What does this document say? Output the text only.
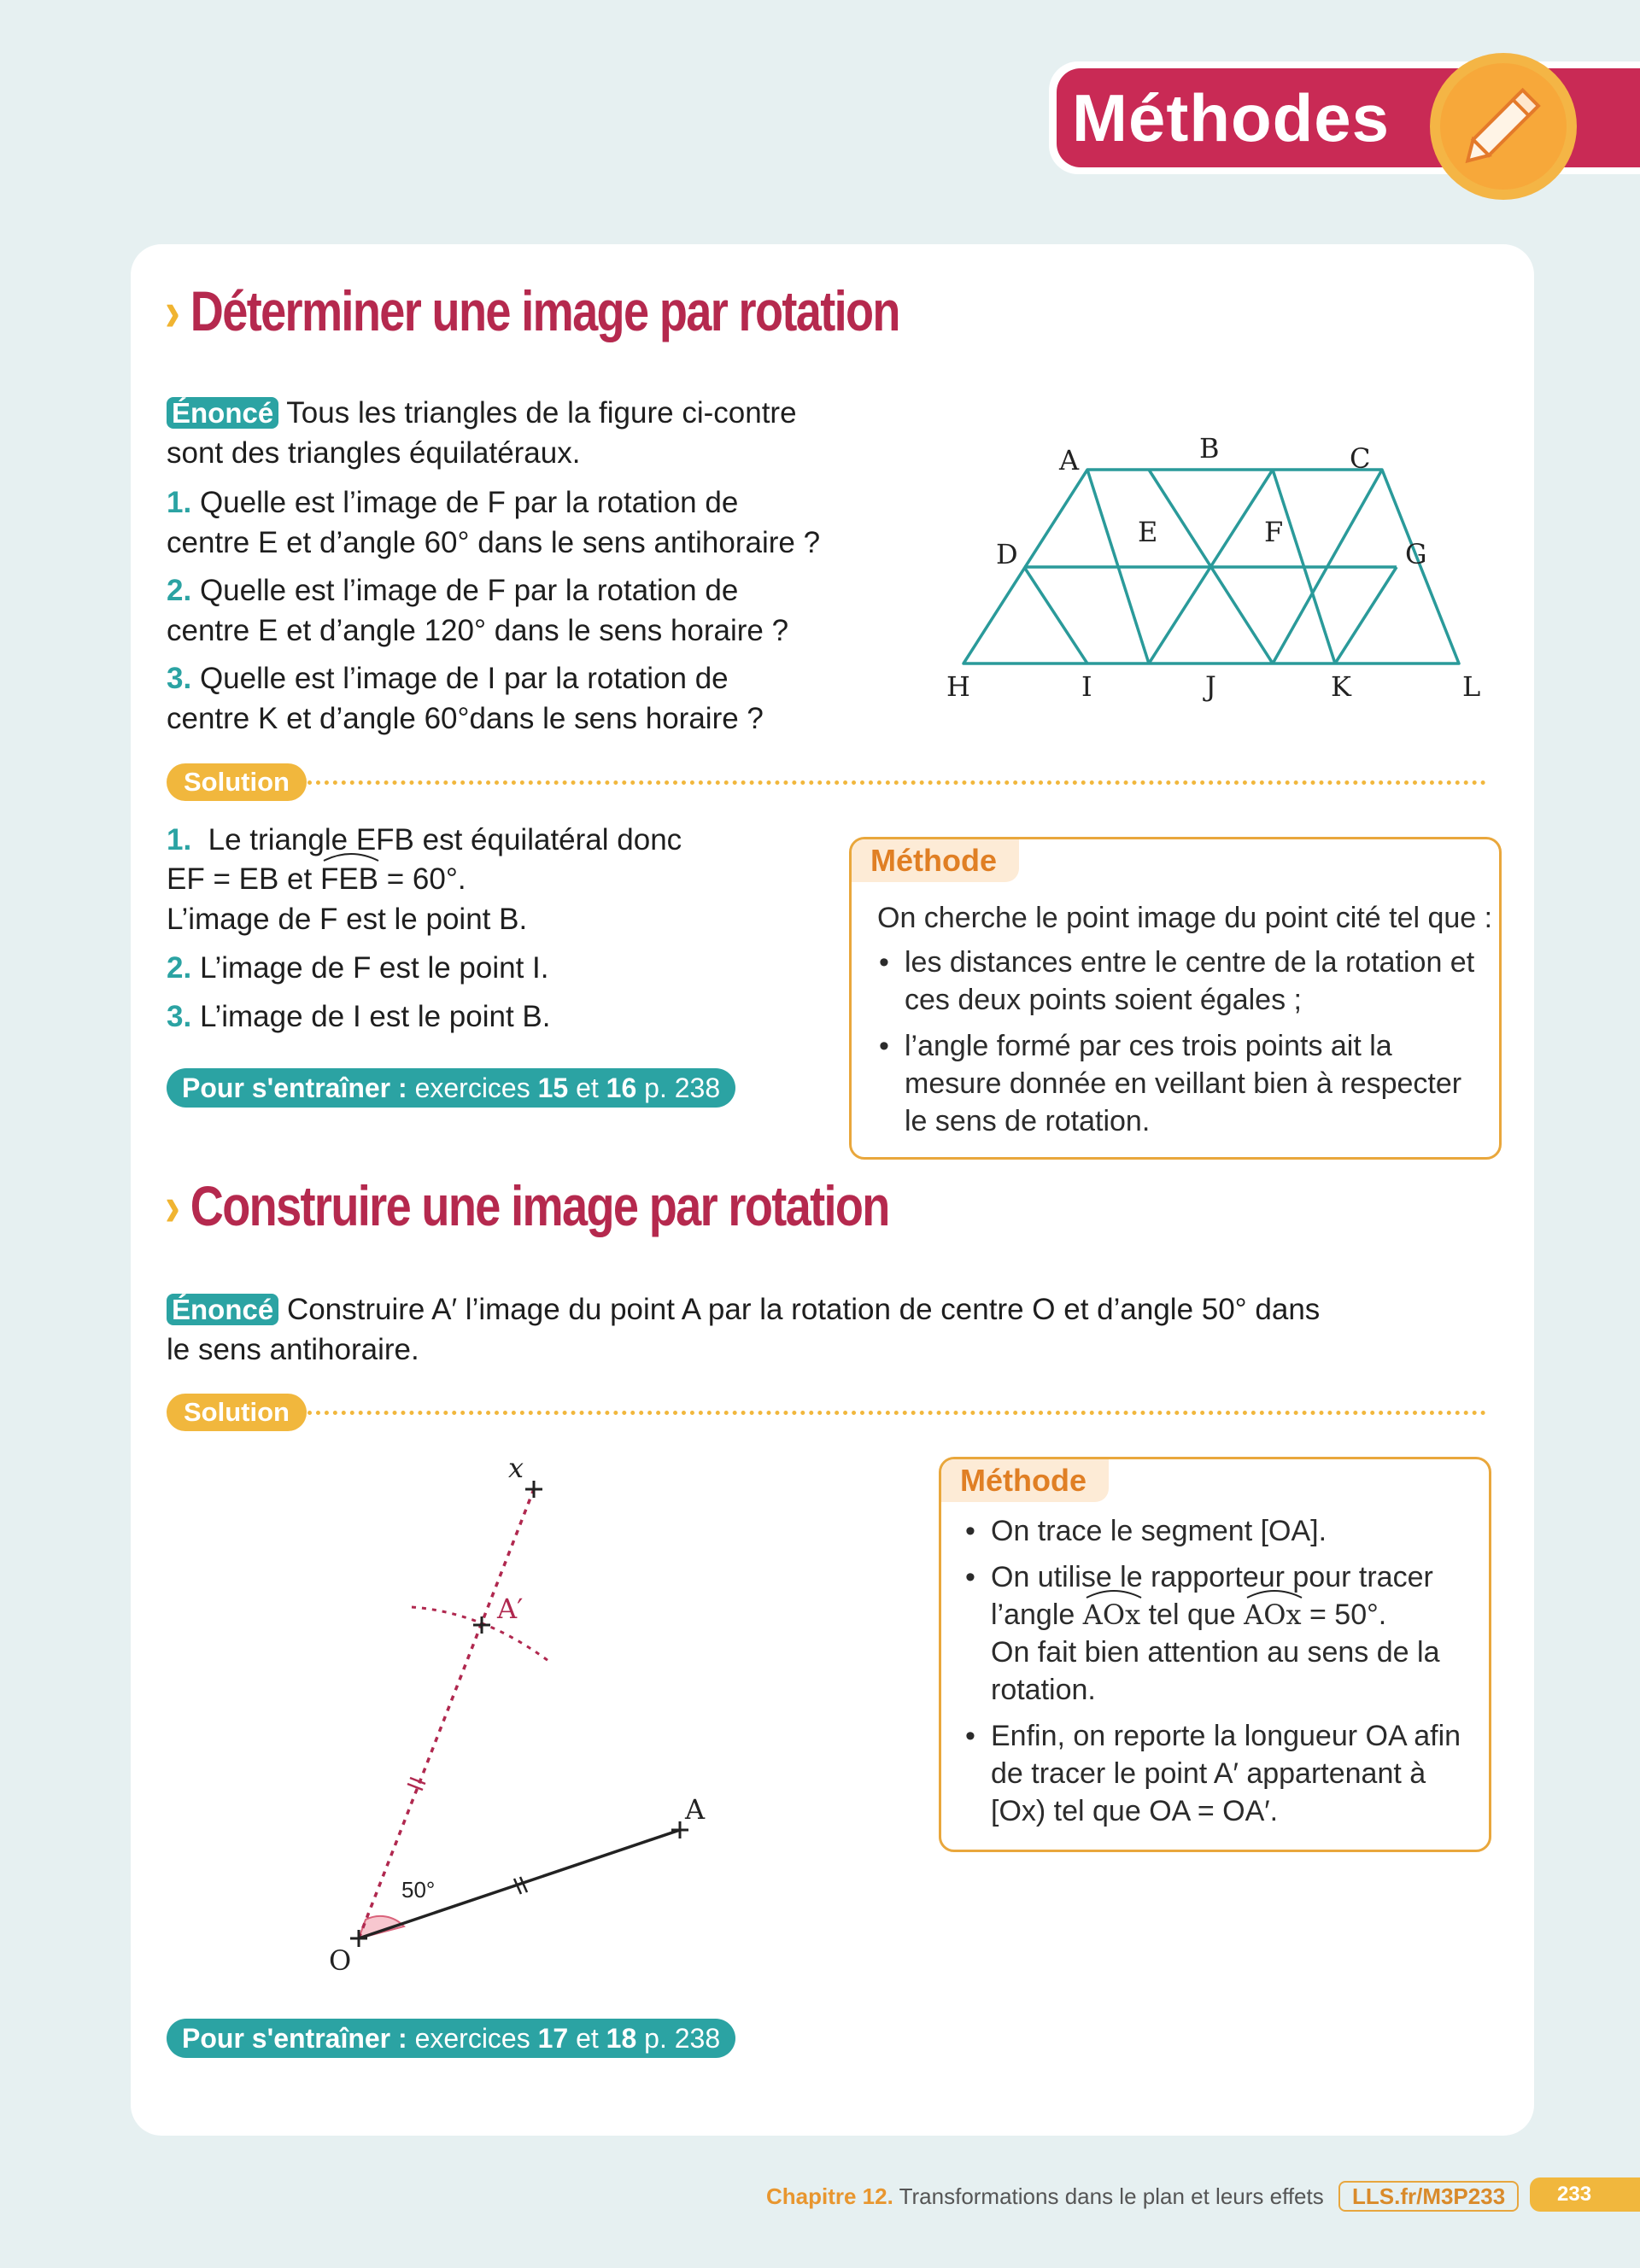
Méthodes
› Déterminer une image par rotation
Énoncé Tous les triangles de la figure ci-contre
sont des triangles équilatéraux.
1. Quelle est l’image de F par la rotation de
centre E et d’angle 60° dans le sens antihoraire ?
2. Quelle est l’image de F par la rotation de
centre E et d’angle 120° dans le sens horaire ?
3. Quelle est l’image de I par la rotation de
centre K et d’angle 60°dans le sens horaire ?
A	B	C
D
E	F
G
H	I	J	K	L
Solution
1. Le triangle EFB est équilatéral donc
EF = EB et FEB = 60°.
L’image de F est le point B.
2. L’image de F est le point I.
3. L’image de I est le point B.
Pour s'entraîner : exercices 15 et 16 p. 238
Méthode
On cherche le point image du point cité tel que :
• les distances entre le centre de la rotation et
ces deux points soient égales ;
• l’angle formé par ces trois points ait la
mesure donnée en veillant bien à respecter
le sens de rotation.
› Construire une image par rotation
Énoncé Construire A′ l’image du point A par la rotation de centre O et d’angle 50° dans
le sens antihoraire.
Solution
x
A′
A
O
50°
Méthode
• On trace le segment [OA].
• On utilise le rapporteur pour tracer
l’angle AOx tel que AOx = 50°.
On fait bien attention au sens de la
rotation.
• Enfin, on reporte la longueur OA afin
de tracer le point A′ appartenant à
[Ox) tel que OA = OA′.
Pour s'entraîner : exercices 17 et 18 p. 238
Chapitre 12. Transformations dans le plan et leurs effets LLS.fr/M3P233	233
